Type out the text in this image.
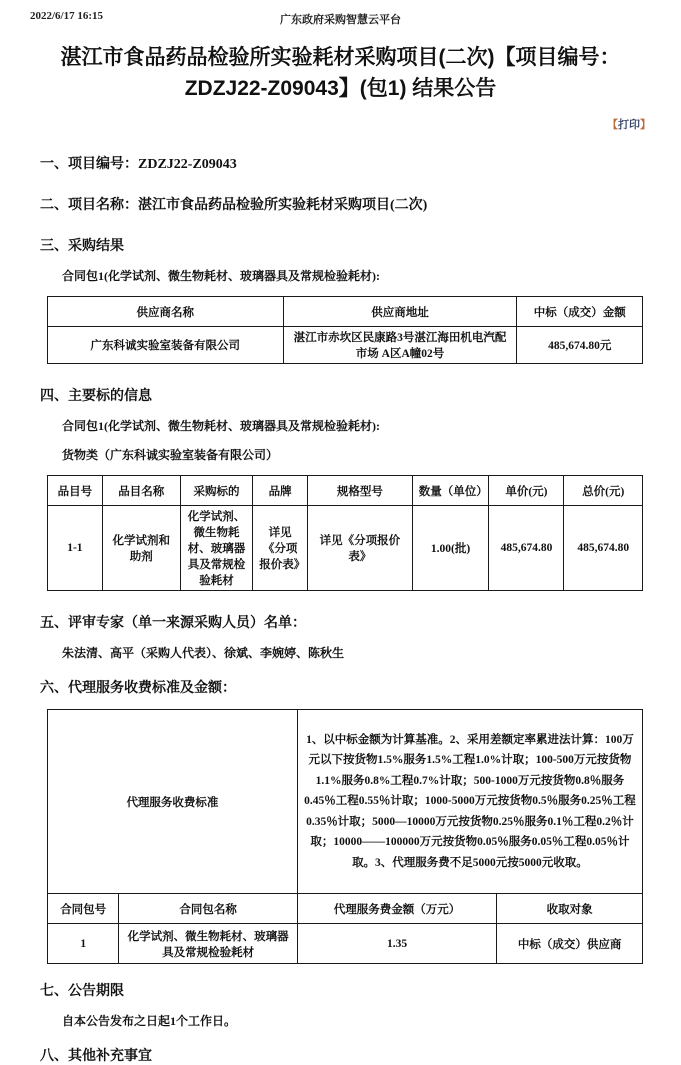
2022/6/17 16:15	广东政府采购智慧云平台
湛江市食品药品检验所实验耗材采购项目(二次)【项目编号：ZDZJ22-Z09043】(包1) 结果公告
【打印】
一、项目编号：ZDZJ22-Z09043
二、项目名称：湛江市食品药品检验所实验耗材采购项目(二次)
三、采购结果
合同包1(化学试剂、微生物耗材、玻璃器具及常规检验耗材):
供应商名称	供应商地址	中标（成交）金额
广东科诚实验室装备有限公司	湛江市赤坎区民康路3号湛江海田机电汽配市场 A区A幢02号	485,674.80元
四、主要标的信息
合同包1(化学试剂、微生物耗材、玻璃器具及常规检验耗材):
货物类（广东科诚实验室装备有限公司）
品目号	品目名称	采购标的	品牌	规格型号	数量（单位）	单价(元)	总价(元)
1-1	化学试剂和助剂	化学试剂、微生物耗材、玻璃器具及常规检验耗材	详见《分项报价表》	详见《分项报价表》	1.00(批)	485,674.80	485,674.80
五、评审专家（单一来源采购人员）名单：
朱法清、高平（采购人代表）、徐斌、李婉婷、陈秋生
六、代理服务收费标准及金额：
代理服务收费标准		1、以中标金额为计算基准。2、采用差额定率累进法计算：100万元以下按货物1.5%服务1.5%工程1.0%计取；100-500万元按货物1.1%服务0.8%工程0.7%计取；500-1000万元按货物0.8％服务0.45％工程0.55％计取；1000-5000万元按货物0.5％服务0.25％工程0.35％计取；5000—10000万元按货物0.25％服务0.1％工程0.2％计取；10000——100000万元按货物0.05％服务0.05％工程0.05％计取。3、代理服务费不足5000元按5000元收取。	
合同包号	合同包名称	代理服务费金额（万元）	收取对象
1	化学试剂、微生物耗材、玻璃器具及常规检验耗材	1.35	中标（成交）供应商
七、公告期限
自本公告发布之日起1个工作日。
八、其他补充事宜
